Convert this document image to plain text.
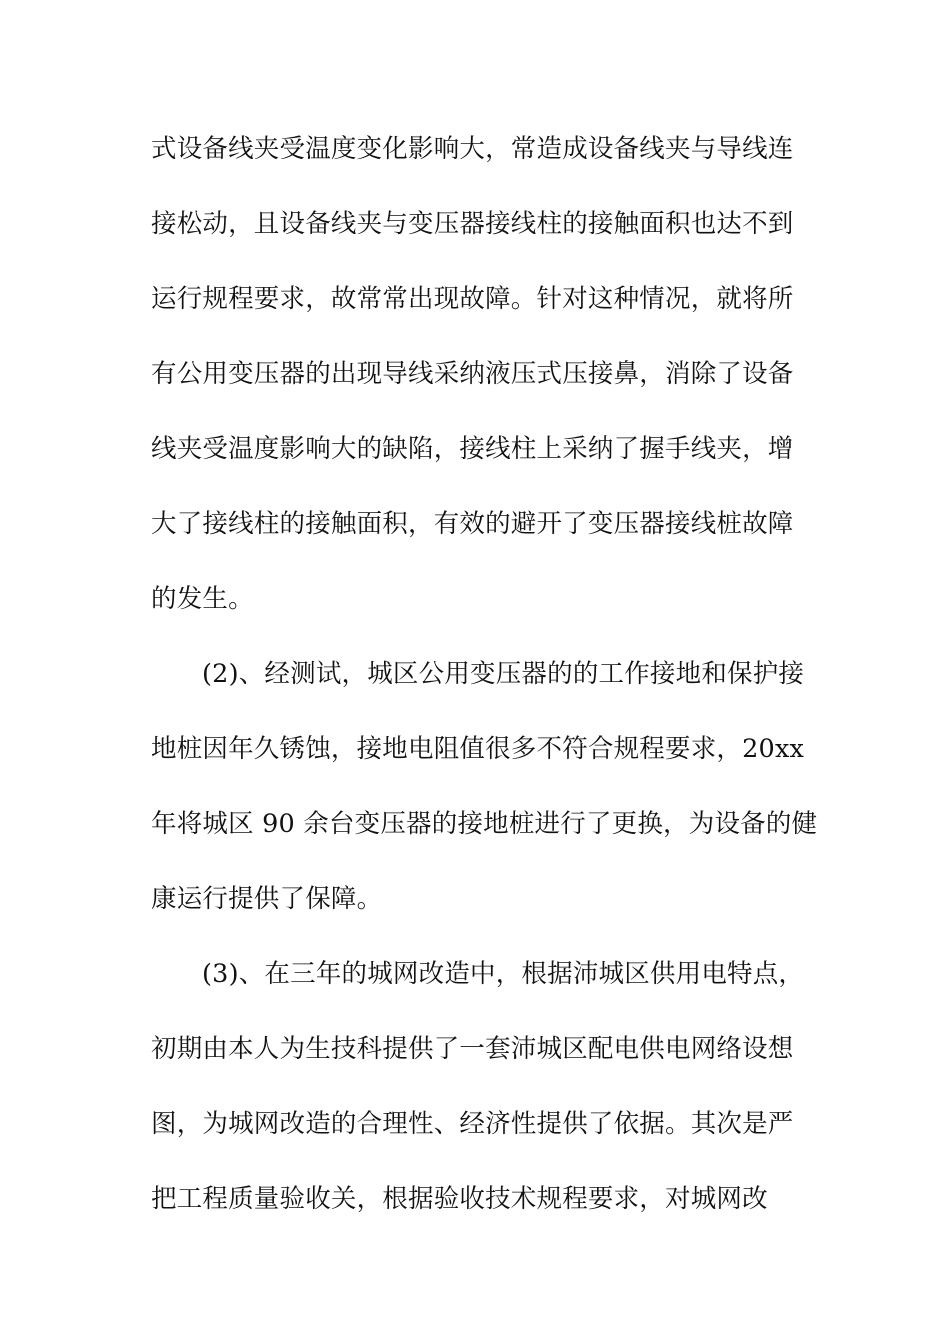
式设备线夹受温度变化影响大，常造成设备线夹与导线连
接松动，且设备线夹与变压器接线柱的接触面积也达不到
运行规程要求，故常常出现故障。针对这种情况，就将所
有公用变压器的出现导线采纳液压式压接鼻，消除了设备
线夹受温度影响大的缺陷，接线柱上采纳了握手线夹，增
大了接线柱的接触面积，有效的避开了变压器接线桩故障
的发生。
(2)、经测试，城区公用变压器的的工作接地和保护接
地桩因年久锈蚀，接地电阻值很多不符合规程要求，20xx
年将城区 90 余台变压器的接地桩进行了更换，为设备的健
康运行提供了保障。
(3)、在三年的城网改造中，根据沛城区供用电特点，
初期由本人为生技科提供了一套沛城区配电供电网络设想
图，为城网改造的合理性、经济性提供了依据。其次是严
把工程质量验收关，根据验收技术规程要求，对城网改
